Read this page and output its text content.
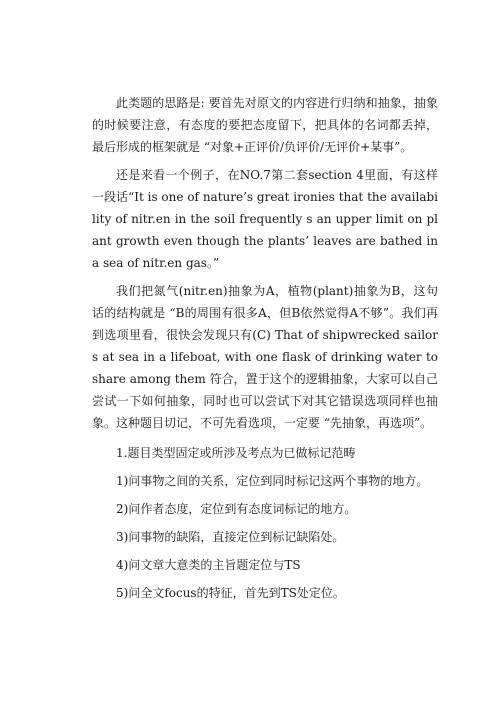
此类题的思路是: 要首先对原文的内容进行归纳和抽象，抽象的时候要注意，有态度的要把态度留下，把具体的名词都丢掉，最后形成的框架就是 “对象+正评价/负评价/无评价+某事”。

还是来看一个例子，在NO.7第二套section 4里面，有这样一段话“It is one of nature’s great ironies that the availability of nitr.en in the soil frequently s an upper limit on plant growth even though the plants’ leaves are bathed in a sea of nitr.en gas。”

我们把氮气(nitr.en)抽象为A，植物(plant)抽象为B，这句话的结构就是 “B的周围有很多A，但B依然觉得A不够”。我们再到选项里看，很快会发现只有(C) That of shipwrecked sailors at sea in a lifeboat, with one flask of drinking water to share among them 符合，置于这个的逻辑抽象，大家可以自己尝试一下如何抽象，同时也可以尝试下对其它错误选项同样也抽象。这种题目切记，不可先看选项，一定要 “先抽象，再选项”。

1.题目类型固定或所涉及考点为已做标记范畴
1)问事物之间的关系，定位到同时标记这两个事物的地方。
2)问作者态度，定位到有态度词标记的地方。
3)问事物的缺陷，直接定位到标记缺陷处。
4)问文章大意类的主旨题定位与TS
5)问全文focus的特征，首先到TS处定位。
